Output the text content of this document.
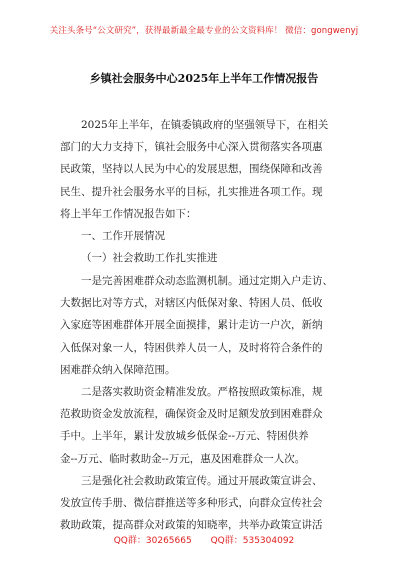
关注头条号“公文研究”，获得最新最全最专业的公文资料库！ 微信：gongwenyj
乡镇社会服务中心2025年上半年工作情况报告

2025年上半年，在镇委镇政府的坚强领导下，在相关
部门的大力支持下，镇社会服务中心深入贯彻落实各项惠
民政策，坚持以人民为中心的发展思想，围绕保障和改善
民生、提升社会服务水平的目标，扎实推进各项工作。现
将上半年工作情况报告如下：

一、工作开展情况

（一）社会救助工作扎实推进

一是完善困难群众动态监测机制。通过定期入户走访、
大数据比对等方式，对辖区内低保对象、特困人员、低收
入家庭等困难群体开展全面摸排，累计走访一户次，新纳
入低保对象一人，特困供养人员一人，及时将符合条件的
困难群众纳入保障范围。

二是落实救助资金精准发放。严格按照政策标准，规
范救助资金发放流程，确保资金及时足额发放到困难群众
手中。上半年，累计发放城乡低保金--万元、特困供养
金--万元、临时救助金--万元，惠及困难群众一人次。

三是强化社会救助政策宣传。通过开展政策宣讲会、
发放宣传手册、微信群推送等多种形式，向群众宣传社会
救助政策，提高群众对政策的知晓率，共举办政策宣讲活

QQ群：30265665 QQ群：535304092
